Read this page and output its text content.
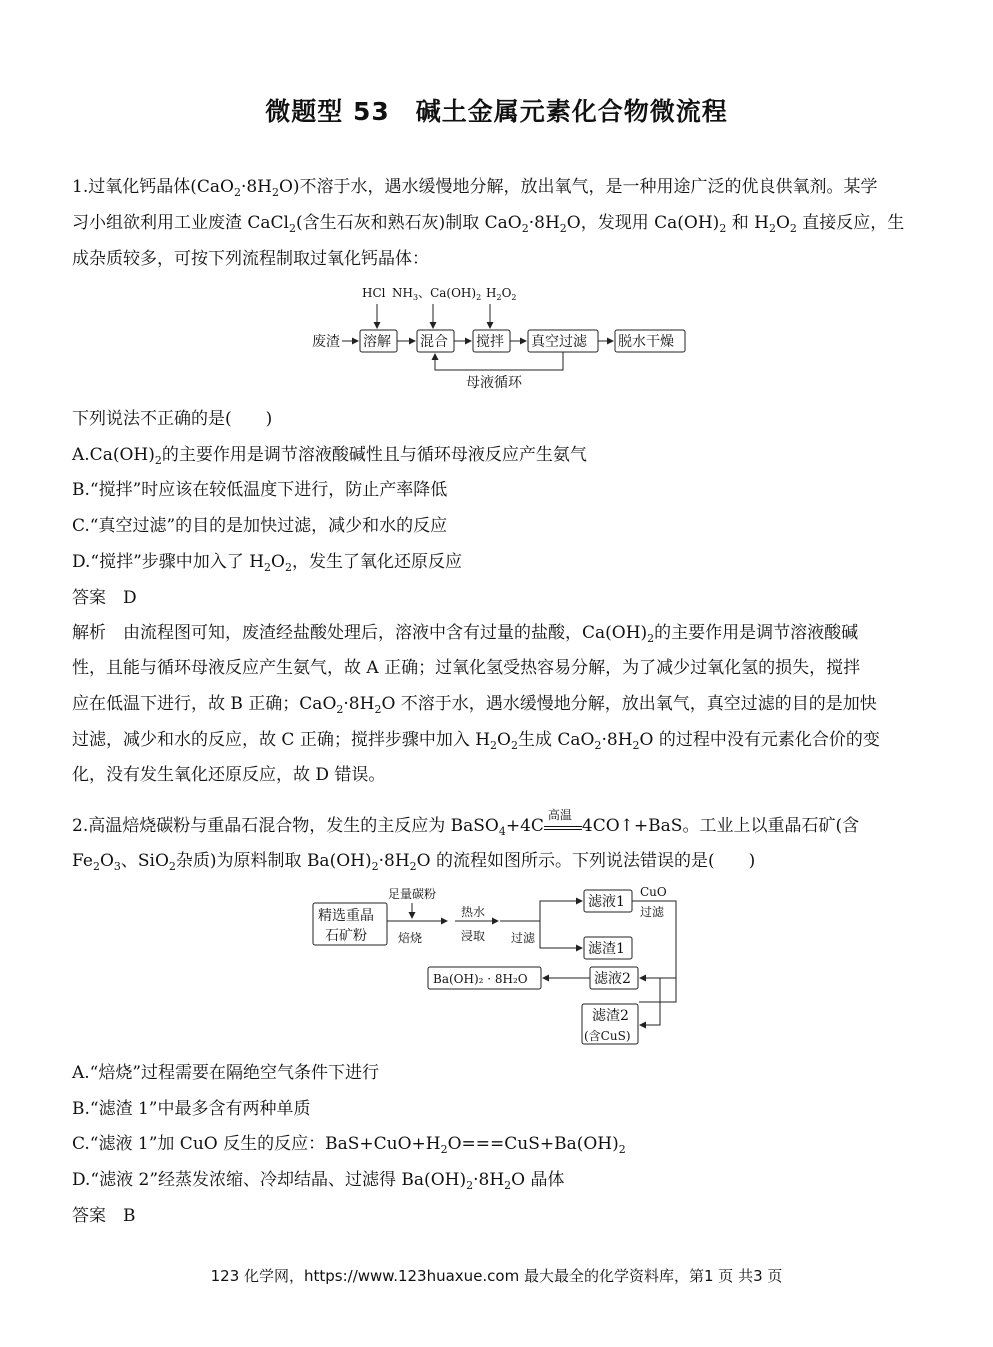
微题型 53　碱土金属元素化合物微流程
1.过氧化钙晶体$(CaO_2\cdot 8H_2O)$不溶于水，遇水缓慢地分解，放出氧气，是一种用途广泛的优良供氧剂。某学
习小组欲利用工业废渣 CaCl$_2$(含生石灰和熟石灰)制取 $CaO_2\cdot 8H_2O$，发现用 $Ca(OH)_2$ 和 $H_2O_2$ 直接反应，生
成杂质较多，可按下列流程制取过氧化钙晶体：
HCl $NH_3$、$Ca(OH)_2$ $H_2O_2$
废渣 溶解 混合 搅拌 真空过滤 脱水干燥
母液循环
下列说法不正确的是(　　)
$A.Ca(OH)_2$的主要作用是调节溶液酸碱性且与循环母液反应产生氨气
B.“搅拌”时应该在较低温度下进行，防止产率降低
C.“真空过滤”的目的是加快过滤，减少和水的反应
D.“搅拌”步骤中加入了 $H_2O_2$，发生了氧化还原反应
答案　D
解析　由流程图可知，废渣经盐酸处理后，溶液中含有过量的盐酸，$Ca(OH)_2$的主要作用是调节溶液酸碱
性，且能与循环母液反应产生氨气，故 A 正确；过氧化氢受热容易分解，为了减少过氧化氢的损失，搅拌
应在低温下进行，故 B 正确；$CaO_2\cdot 8H_2O$ 不溶于水，遇水缓慢地分解，放出氧气，真空过滤的目的是加快
过滤，减少和水的反应，故 C 正确；搅拌步骤中加入 $H_2O_2$生成 $CaO_2\cdot 8H_2O$ 的过程中没有元素化合价的变
化，没有发生氧化还原反应，故 D 错误。
2.高温焙烧碳粉与重晶石混合物，发生的主反应为 BaSO$_4$+4C
高温
4CO↑+BaS。工业上以重晶石矿(含
$Fe_2O_3$、SiO$_2$杂质)为原料制取 $Ba(OH)_2\cdot 8H_2O$ 的流程如图所示。下列说法错误的是(　　)
精选重晶
石矿粉
足量碳粉
焙烧
热水
浸取 过滤
滤液1
滤渣1
CuO
过滤
滤液2
Ba(OH)₂ · 8H₂O
滤渣2
(含CuS)
A.“焙烧”过程需要在隔绝空气条件下进行
B.“滤渣 1”中最多含有两种单质
C.“滤液 1”加 CuO 反生的反应：$BaS+CuO+H_2O===CuS+Ba(OH)_2$
D.“滤液 2”经蒸发浓缩、冷却结晶、过滤得 $Ba(OH)_2\cdot 8H_2O$ 晶体
答案　B
123 化学网，https://www.123huaxue.com 最大最全的化学资料库，第1 页 共3 页
